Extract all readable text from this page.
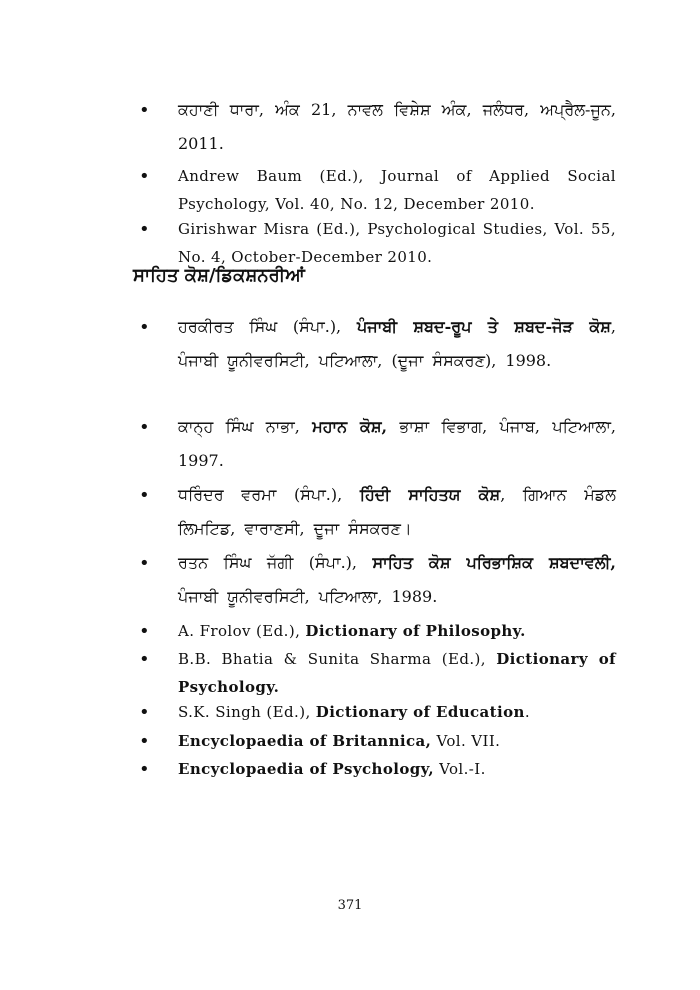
• ਕਹਾਣੀ ਧਾਰਾ, ਅੰਕ 21, ਨਾਵਲ ਵਿਸ਼ੇਸ਼ ਅੰਕ, ਜਲੰਧਰ, ਅਪ੍ਰੈਲ-ਜੂਨ, 2011.
• Andrew Baum (Ed.), Journal of Applied Social Psychology, Vol. 40, No. 12, December 2010.
• Girishwar Misra (Ed.), Psychological Studies, Vol. 55, No. 4, October-December 2010.
ਸਾਹਿਤ ਕੋਸ਼/ਡਿਕਸ਼ਨਰੀਆਂ
• ਹਰਕੀਰਤ ਸਿੰਘ (ਸੰਪਾ.), ਪੰਜਾਬੀ ਸ਼ਬਦ-ਰੂਪ ਤੇ ਸ਼ਬਦ-ਜੋੜ ਕੋਸ਼, ਪੰਜਾਬੀ ਯੂਨੀਵਰਸਿਟੀ, ਪਟਿਆਲਾ, (ਦੂਜਾ ਸੰਸਕਰਣ), 1998.
• ਕਾਨ੍ਹ ਸਿੰਘ ਨਾਭਾ, ਮਹਾਨ ਕੋਸ਼, ਭਾਸ਼ਾ ਵਿਭਾਗ, ਪੰਜਾਬ, ਪਟਿਆਲਾ, 1997.
• ਧਰਿੰਦਰ ਵਰਮਾ (ਸੰਪਾ.), ਹਿੰਦੀ ਸਾਹਿਤਯ ਕੋਸ਼, ਗਿਆਨ ਮੰਡਲ ਲਿਮਟਿਡ, ਵਾਰਾਣਸੀ, ਦੂਜਾ ਸੰਸਕਰਣ।
• ਰਤਨ ਸਿੰਘ ਜੱਗੀ (ਸੰਪਾ.), ਸਾਹਿਤ ਕੋਸ਼ ਪਰਿਭਾਸ਼ਿਕ ਸ਼ਬਦਾਵਲੀ, ਪੰਜਾਬੀ ਯੂਨੀਵਰਸਿਟੀ, ਪਟਿਆਲਾ, 1989.
• A. Frolov (Ed.), Dictionary of Philosophy.
• B.B. Bhatia & Sunita Sharma (Ed.), Dictionary of Psychology.
• S.K. Singh (Ed.), Dictionary of Education.
• Encyclopaedia of Britannica, Vol. VII.
• Encyclopaedia of Psychology, Vol.-I.
371
